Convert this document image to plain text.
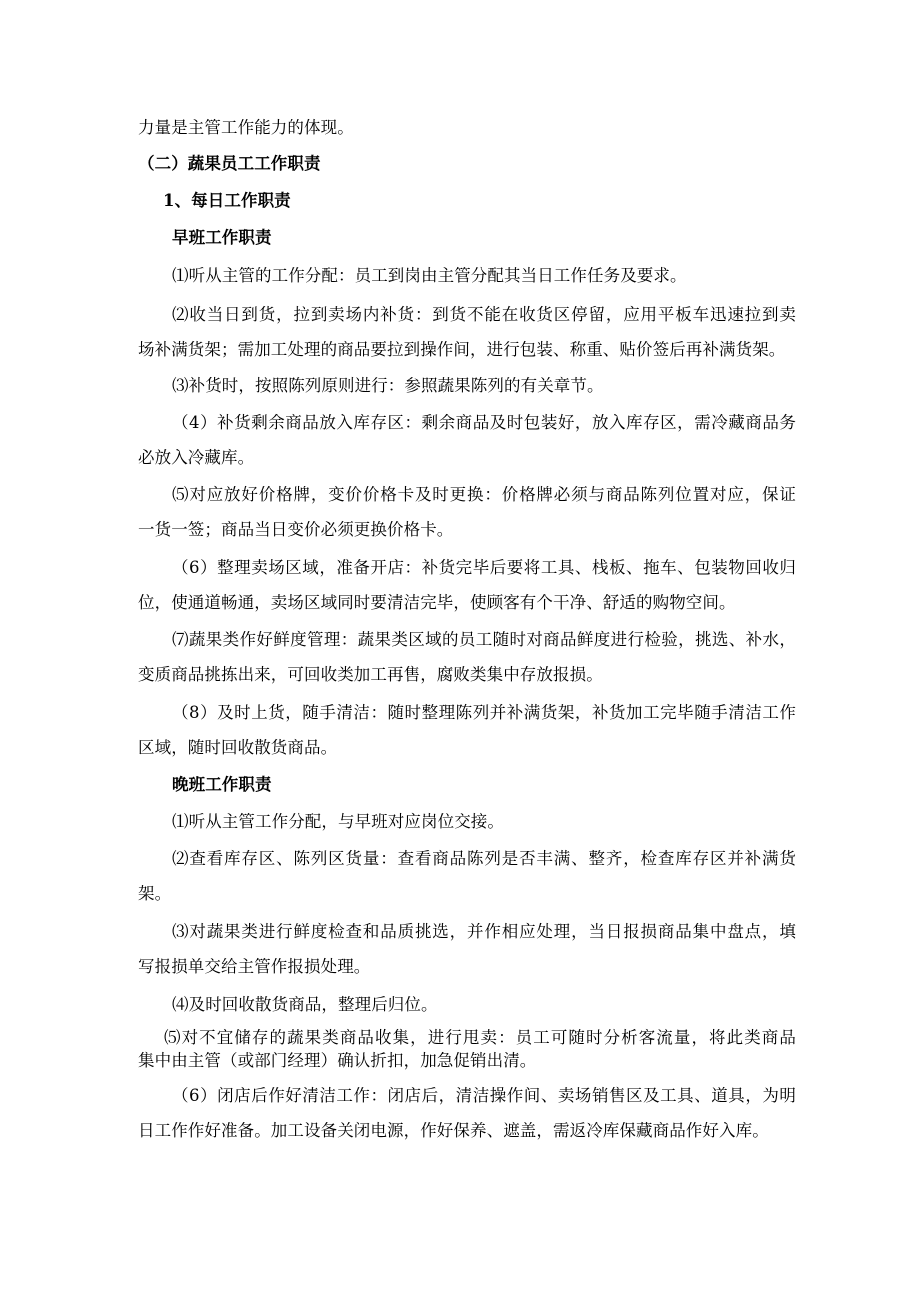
力量是主管工作能力的体现。
（二）蔬果员工工作职责
1、每日工作职责
早班工作职责
⑴听从主管的工作分配：员工到岗由主管分配其当日工作任务及要求。
⑵收当日到货，拉到卖场内补货：到货不能在收货区停留，应用平板车迅速拉到卖
场补满货架；需加工处理的商品要拉到操作间，进行包装、称重、贴价签后再补满货架。
⑶补货时，按照陈列原则进行：参照蔬果陈列的有关章节。
（4）补货剩余商品放入库存区：剩余商品及时包装好，放入库存区，需冷藏商品务
必放入冷藏库。
⑸对应放好价格牌，变价价格卡及时更换：价格牌必须与商品陈列位置对应，保证
一货一签；商品当日变价必须更换价格卡。
（6）整理卖场区域，准备开店：补货完毕后要将工具、栈板、拖车、包装物回收归
位，使通道畅通，卖场区域同时要清洁完毕，使顾客有个干净、舒适的购物空间。
⑺蔬果类作好鲜度管理：蔬果类区域的员工随时对商品鲜度进行检验，挑选、补水，
变质商品挑拣出来，可回收类加工再售，腐败类集中存放报损。
（8）及时上货，随手清洁：随时整理陈列并补满货架，补货加工完毕随手清洁工作
区域，随时回收散货商品。
晚班工作职责
⑴听从主管工作分配，与早班对应岗位交接。
⑵查看库存区、陈列区货量：查看商品陈列是否丰满、整齐，检查库存区并补满货
架。
⑶对蔬果类进行鲜度检查和品质挑选，并作相应处理，当日报损商品集中盘点，填
写报损单交给主管作报损处理。
⑷及时回收散货商品，整理后归位。
⑸对不宜储存的蔬果类商品收集，进行甩卖：员工可随时分析客流量，将此类商品
集中由主管（或部门经理）确认折扣，加急促销出清。
（6）闭店后作好清洁工作：闭店后，清洁操作间、卖场销售区及工具、道具，为明
日工作作好准备。加工设备关闭电源，作好保养、遮盖，需返冷库保藏商品作好入库。
